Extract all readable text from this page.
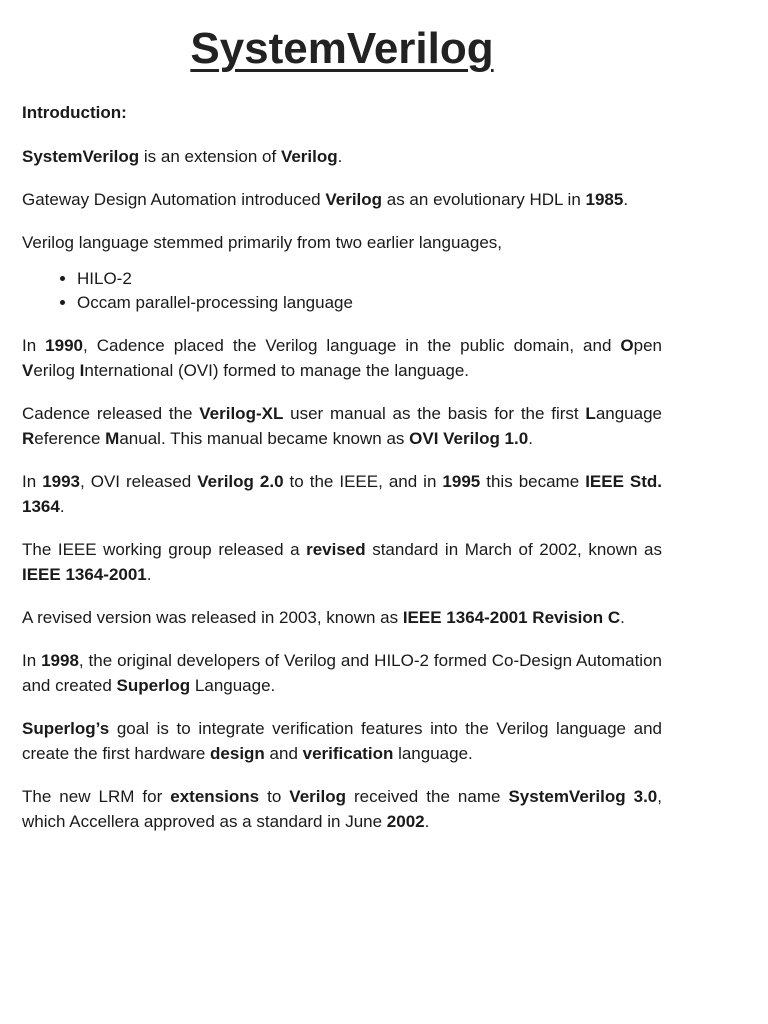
SystemVerilog

Introduction:

SystemVerilog is an extension of Verilog.

Gateway Design Automation introduced Verilog as an evolutionary HDL in 1985.

Verilog language stemmed primarily from two earlier languages,

• HILO-2
• Occam parallel-processing language

In 1990, Cadence placed the Verilog language in the public domain, and Open Verilog International (OVI) formed to manage the language.

Cadence released the Verilog-XL user manual as the basis for the first Language Reference Manual. This manual became known as OVI Verilog 1.0.

In 1993, OVI released Verilog 2.0 to the IEEE, and in 1995 this became IEEE Std. 1364.

The IEEE working group released a revised standard in March of 2002, known as IEEE 1364-2001.

A revised version was released in 2003, known as IEEE 1364-2001 Revision C.

In 1998, the original developers of Verilog and HILO-2 formed Co-Design Automation and created Superlog Language.

Superlog’s goal is to integrate verification features into the Verilog language and create the first hardware design and verification language.

The new LRM for extensions to Verilog received the name SystemVerilog 3.0, which Accellera approved as a standard in June 2002.
